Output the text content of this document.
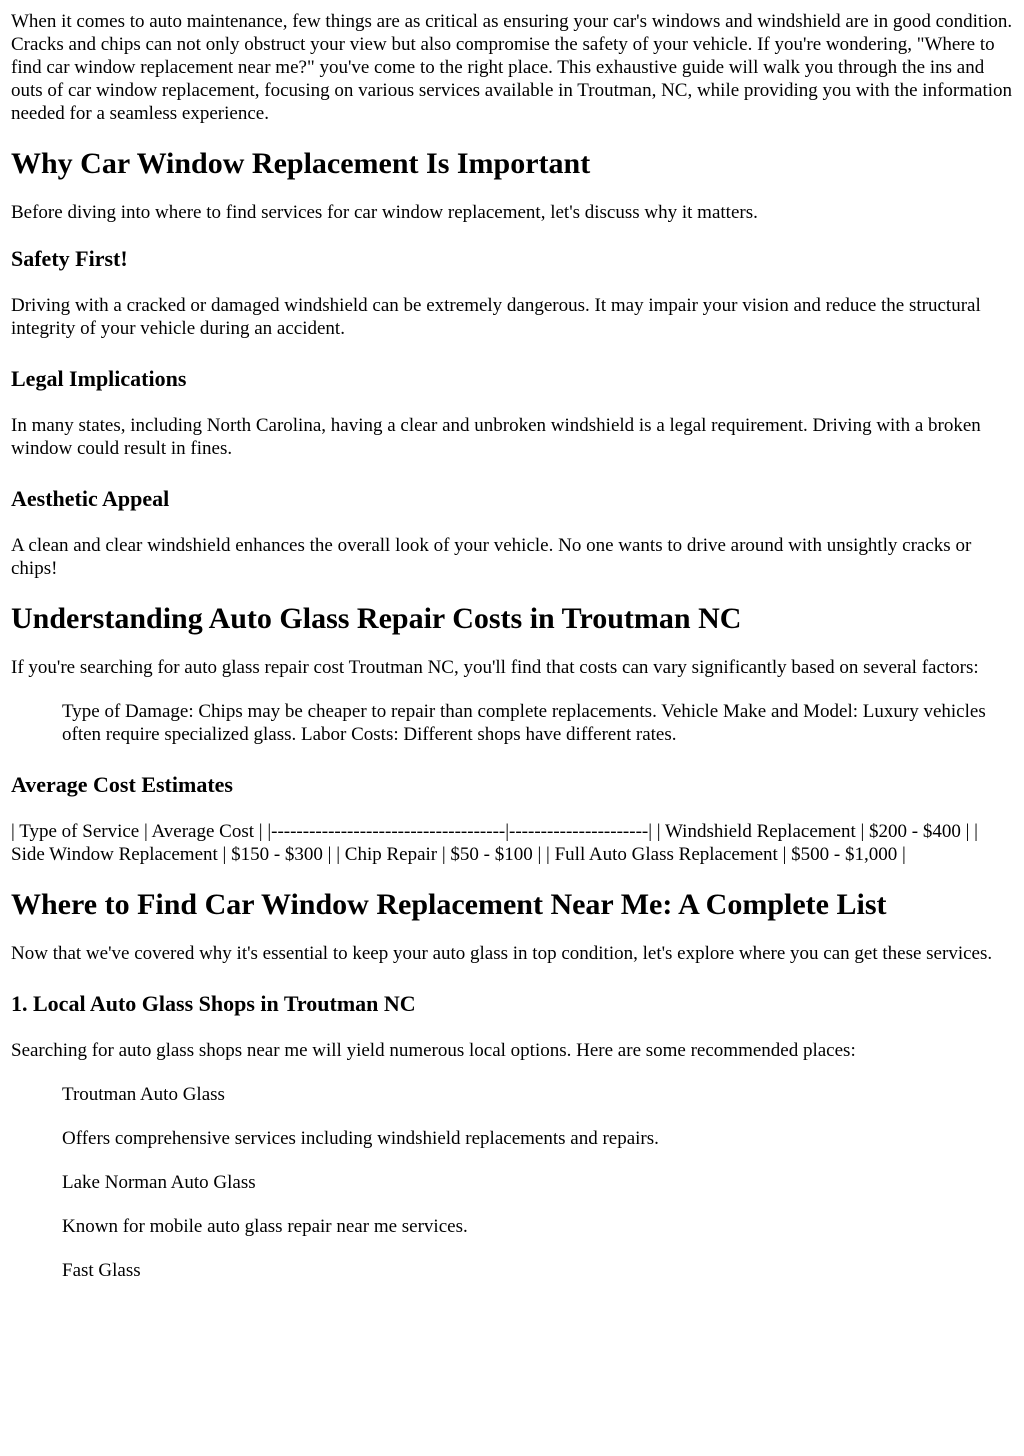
When it comes to auto maintenance, few things are as critical as ensuring your car's windows and windshield are in good condition. Cracks and chips can not only obstruct your view but also compromise the safety of your vehicle. If you're wondering, "Where to find car window replacement near me?" you've come to the right place. This exhaustive guide will walk you through the ins and outs of car window replacement, focusing on various services available in Troutman, NC, while providing you with the information needed for a seamless experience.

Why Car Window Replacement Is Important

Before diving into where to find services for car window replacement, let's discuss why it matters.

Safety First!

Driving with a cracked or damaged windshield can be extremely dangerous. It may impair your vision and reduce the structural integrity of your vehicle during an accident.

Legal Implications

In many states, including North Carolina, having a clear and unbroken windshield is a legal requirement. Driving with a broken window could result in fines.

Aesthetic Appeal

A clean and clear windshield enhances the overall look of your vehicle. No one wants to drive around with unsightly cracks or chips!

Understanding Auto Glass Repair Costs in Troutman NC

If you're searching for auto glass repair cost Troutman NC, you'll find that costs can vary significantly based on several factors:

Type of Damage: Chips may be cheaper to repair than complete replacements. Vehicle Make and Model: Luxury vehicles often require specialized glass. Labor Costs: Different shops have different rates.

Average Cost Estimates

| Type of Service | Average Cost | |-------------------------------------|----------------------| | Windshield Replacement | $200 - $400 | | Side Window Replacement | $150 - $300 | | Chip Repair | $50 - $100 | | Full Auto Glass Replacement | $500 - $1,000 |

Where to Find Car Window Replacement Near Me: A Complete List

Now that we've covered why it's essential to keep your auto glass in top condition, let's explore where you can get these services.

1. Local Auto Glass Shops in Troutman NC

Searching for auto glass shops near me will yield numerous local options. Here are some recommended places:

Troutman Auto Glass

Offers comprehensive services including windshield replacements and repairs.

Lake Norman Auto Glass

Known for mobile auto glass repair near me services.

Fast Glass
